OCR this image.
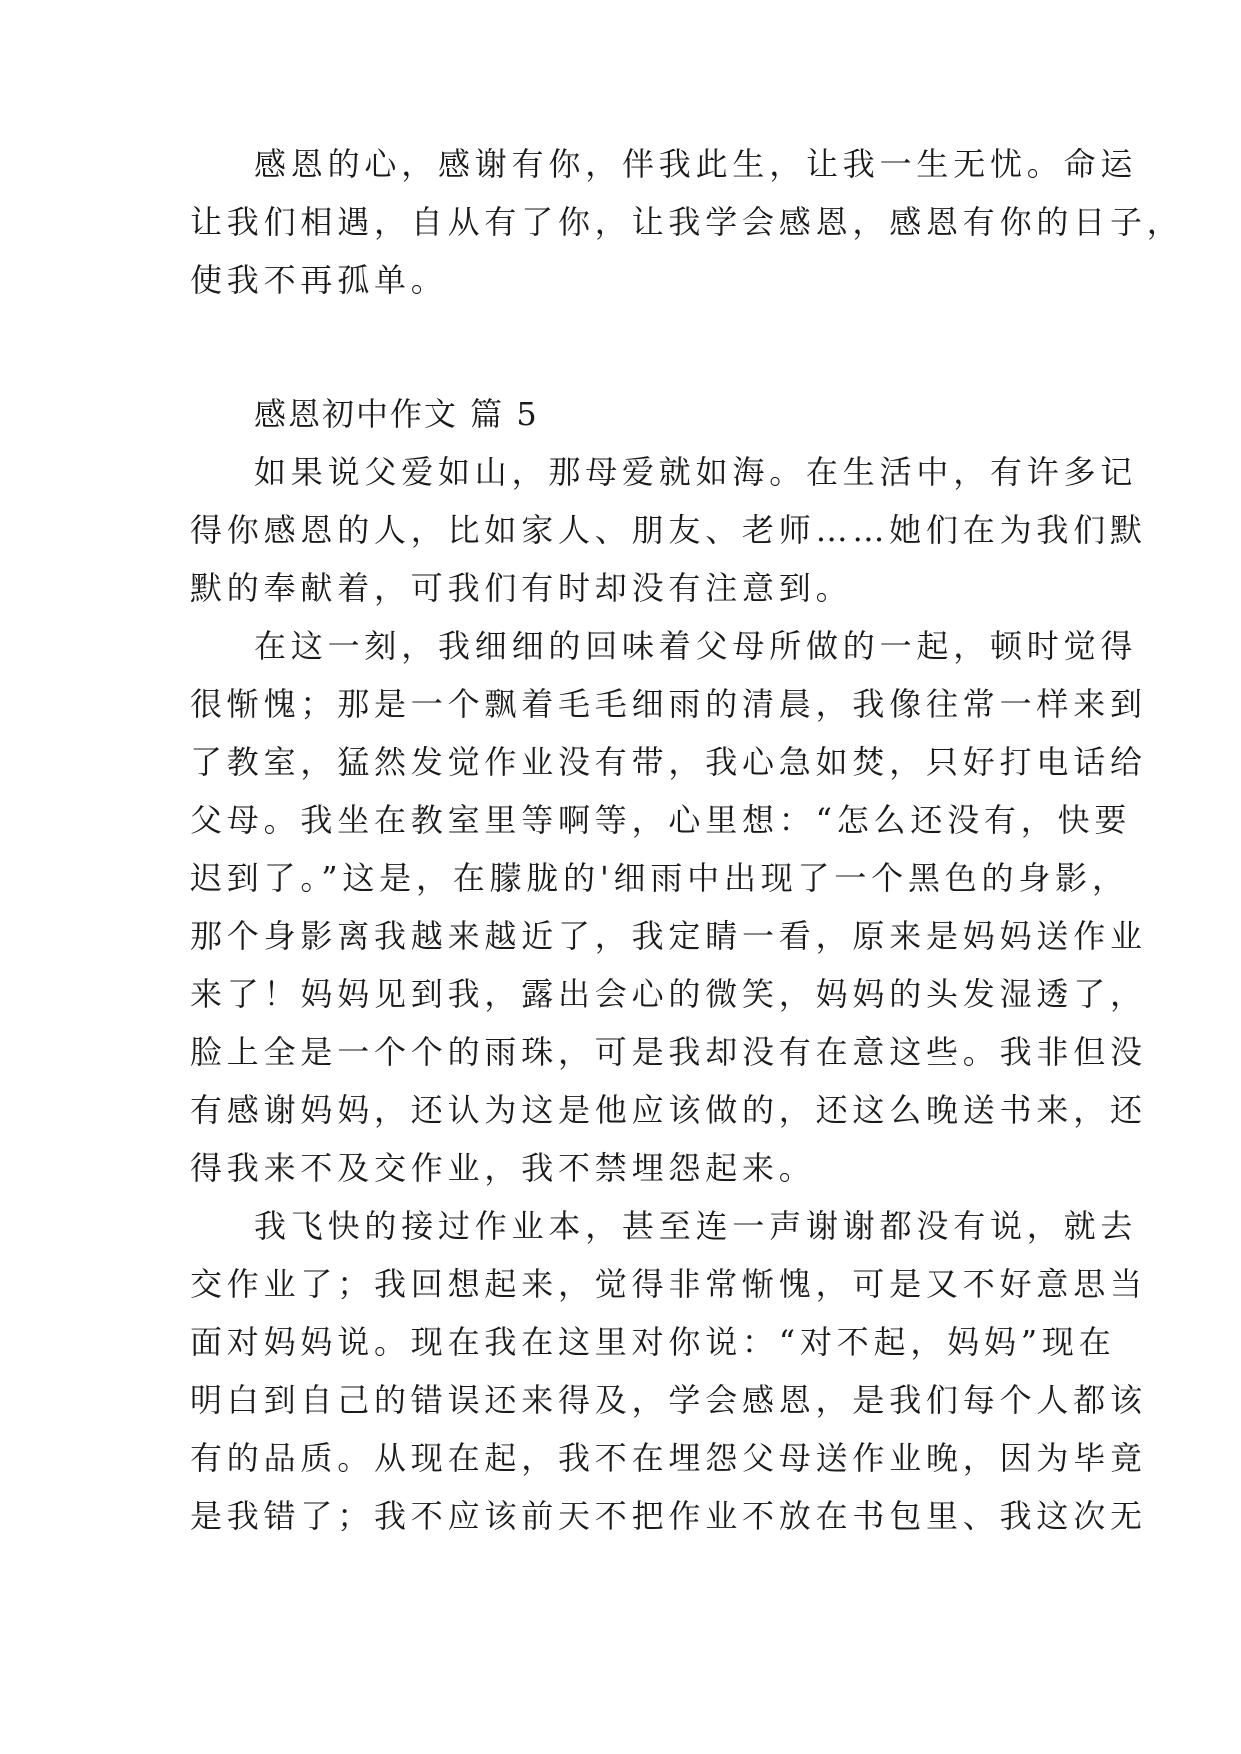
感恩的心，感谢有你，伴我此生，让我一生无忧。命运
让我们相遇，自从有了你，让我学会感恩，感恩有你的日子，
使我不再孤单。
感恩初中作文 篇 5
如果说父爱如山，那母爱就如海。在生活中，有许多记
得你感恩的人，比如家人、朋友、老师……她们在为我们默
默的奉献着，可我们有时却没有注意到。
在这一刻，我细细的回味着父母所做的一起，顿时觉得
很惭愧；那是一个飘着毛毛细雨的清晨，我像往常一样来到
了教室，猛然发觉作业没有带，我心急如焚，只好打电话给
父母。我坐在教室里等啊等，心里想：“怎么还没有，快要
迟到了。”这是，在朦胧的'细雨中出现了一个黑色的身影，
那个身影离我越来越近了，我定睛一看，原来是妈妈送作业
来了！妈妈见到我，露出会心的微笑，妈妈的头发湿透了，
脸上全是一个个的雨珠，可是我却没有在意这些。我非但没
有感谢妈妈，还认为这是他应该做的，还这么晚送书来，还
得我来不及交作业，我不禁埋怨起来。
我飞快的接过作业本，甚至连一声谢谢都没有说，就去
交作业了；我回想起来，觉得非常惭愧，可是又不好意思当
面对妈妈说。现在我在这里对你说：“对不起，妈妈”现在
明白到自己的错误还来得及，学会感恩，是我们每个人都该
有的品质。从现在起，我不在埋怨父母送作业晚，因为毕竟
是我错了；我不应该前天不把作业不放在书包里、我这次无
